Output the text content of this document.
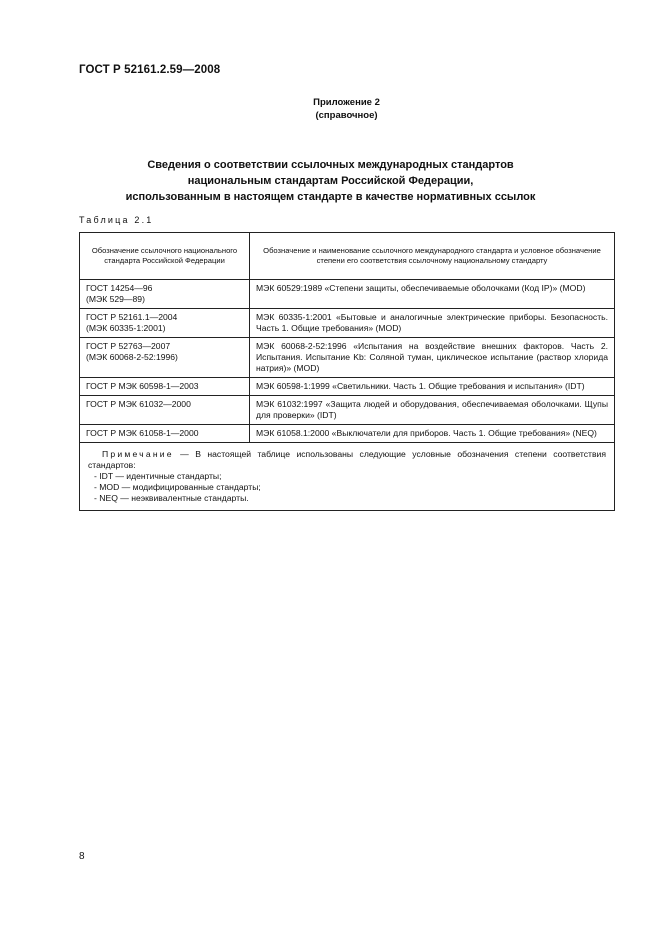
ГОСТ Р 52161.2.59—2008
Приложение 2
(справочное)
Сведения о соответствии ссылочных международных стандартов
национальным стандартам Российской Федерации,
использованным в настоящем стандарте в качестве нормативных ссылок
Таблица 2.1
Обозначение ссылочного национального стандарта Российской Федерации	Обозначение и наименование ссылочного международного стандарта и условное обозначение степени его соответствия ссылочному национальному стандарту
ГОСТ 14254—96
(МЭК 529—89)	МЭК 60529:1989 «Степени защиты, обеспечиваемые оболочками (Код IP)» (MOD)
ГОСТ Р 52161.1—2004
(МЭК 60335-1:2001)	МЭК 60335-1:2001 «Бытовые и аналогичные электрические приборы. Безопасность. Часть 1. Общие требования» (MOD)
ГОСТ Р 52763—2007
(МЭК 60068-2-52:1996)	МЭК 60068-2-52:1996 «Испытания на воздействие внешних факторов. Часть 2. Испытания. Испытание Kb: Соляной туман, циклическое испытание (раствор хлорида натрия)» (MOD)
ГОСТ Р МЭК 60598-1—2003	МЭК 60598-1:1999 «Светильники. Часть 1. Общие требования и испытания» (IDT)
ГОСТ Р МЭК 61032—2000	МЭК 61032:1997 «Защита людей и оборудования, обеспечиваемая оболочками. Щупы для проверки» (IDT)
ГОСТ Р МЭК 61058-1—2000	МЭК 61058.1:2000 «Выключатели для приборов. Часть 1. Общие требования» (NEQ)

Примечание — В настоящей таблице использованы следующие условные обозначения степени соответствия стандартов:
- IDT — идентичные стандарты;
- MOD — модифицированные стандарты;
- NEQ — неэквивалентные стандарты.	
8
